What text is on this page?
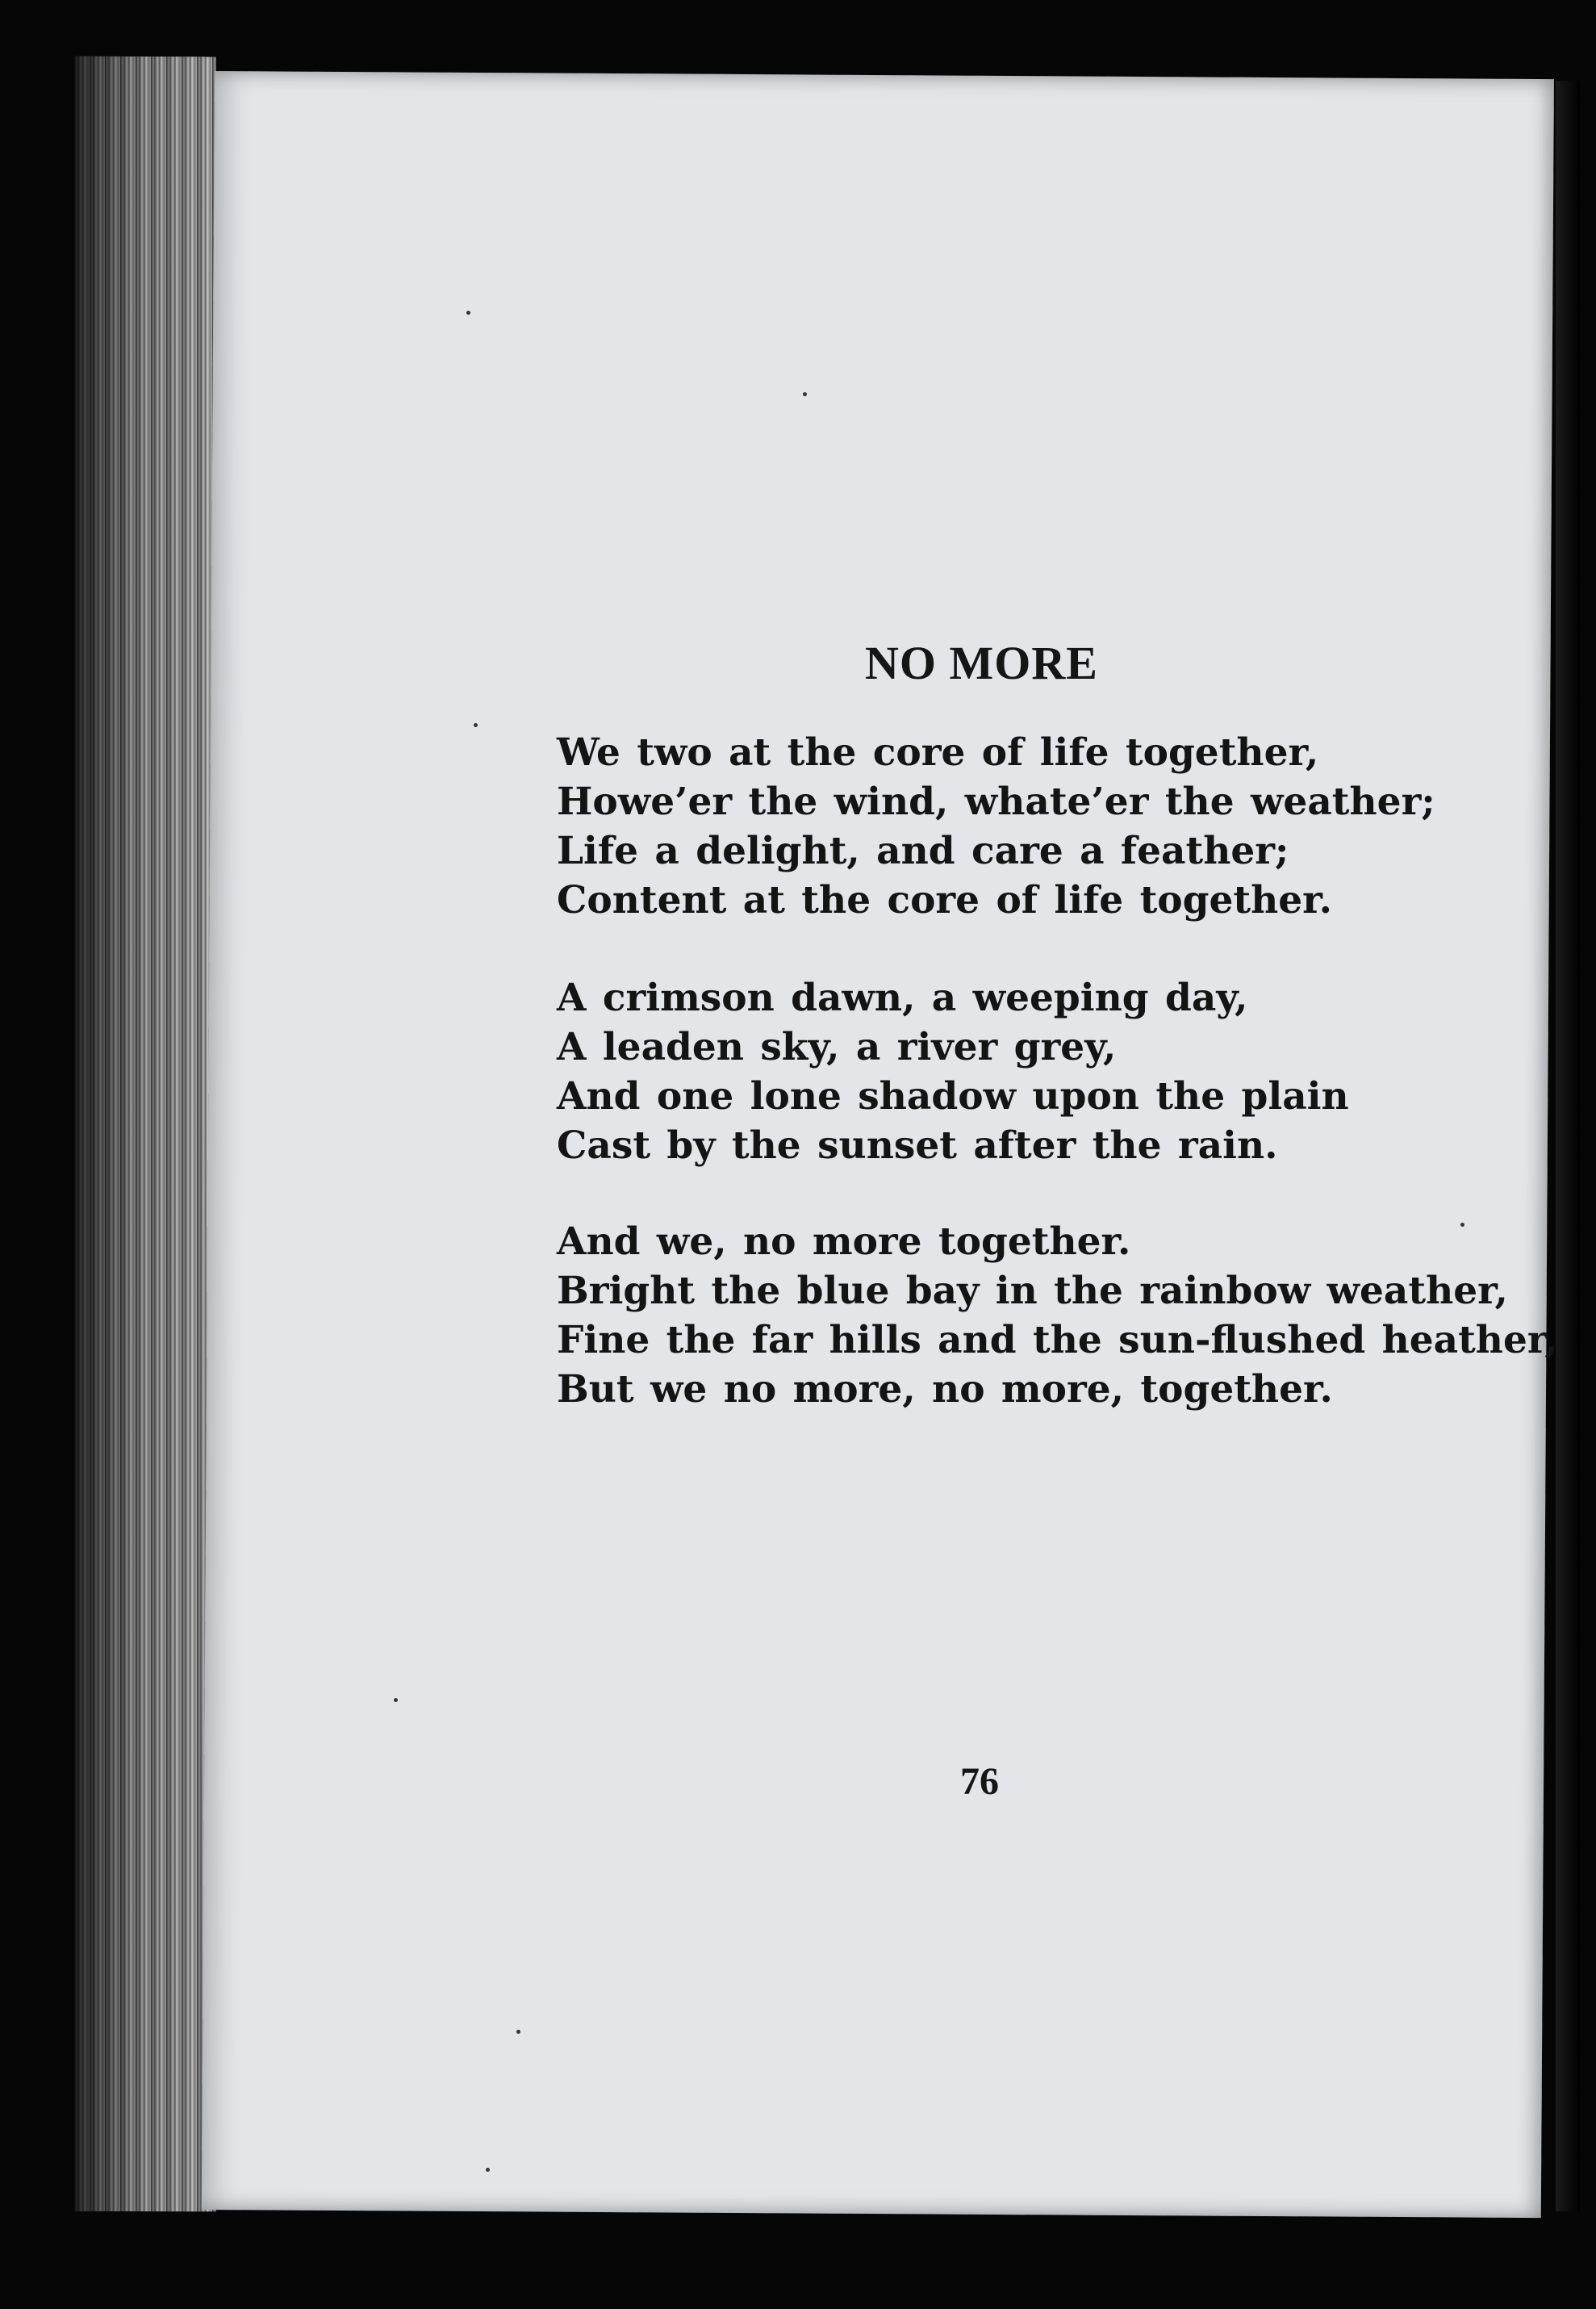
NO MORE
We two at the core of life together,
Howe’er the wind, whate’er the weather;
Life a delight, and care a feather;
Content at the core of life together.
A crimson dawn, a weeping day,
A leaden sky, a river grey,
And one lone shadow upon the plain
Cast by the sunset after the rain.
And we, no more together.
Bright the blue bay in the rainbow weather,
Fine the far hills and the sun-flushed heather,
But we no more, no more, together.

76
